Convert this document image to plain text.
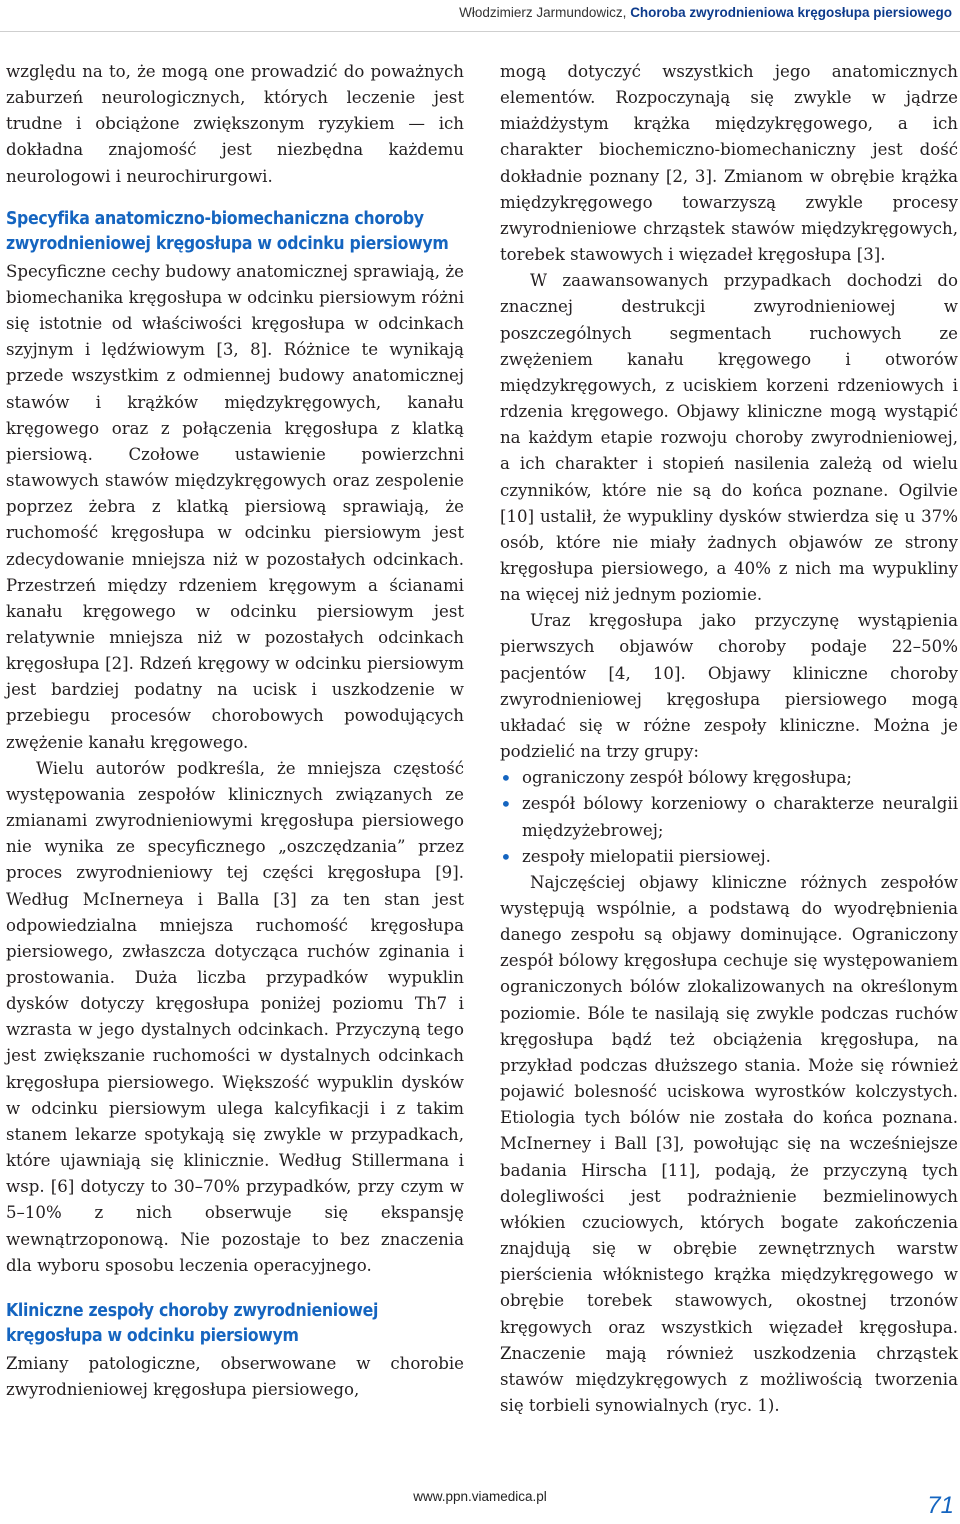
Włodzimierz Jarmundowicz, Choroba zwyrodnieniowa kręgosłupa piersiowego

względu na to, że mogą one prowadzić do poważnych zaburzeń neurologicznych, których leczenie jest trudne i obciążone zwiększonym ryzykiem — ich dokładna znajomość jest niezbędna każdemu neurologowi i neurochirurgowi.

Specyfika anatomiczno-biomechaniczna choroby zwyrodnieniowej kręgosłupa w odcinku piersiowym

Specyficzne cechy budowy anatomicznej sprawiają, że biomechanika kręgosłupa w odcinku piersiowym różni się istotnie od właściwości kręgosłupa w odcinkach szyjnym i lędźwiowym [3, 8]. Różnice te wynikają przede wszystkim z odmiennej budowy anatomicznej stawów i krążków międzykręgowych, kanału kręgowego oraz z połączenia kręgosłupa z klatką piersiową. Czołowe ustawienie powierzchni stawowych stawów międzykręgowych oraz zespolenie poprzez żebra z klatką piersiową sprawiają, że ruchomość kręgosłupa w odcinku piersiowym jest zdecydowanie mniejsza niż w pozostałych odcinkach. Przestrzeń między rdzeniem kręgowym a ścianami kanału kręgowego w odcinku piersiowym jest relatywnie mniejsza niż w pozostałych odcinkach kręgosłupa [2]. Rdzeń kręgowy w odcinku piersiowym jest bardziej podatny na ucisk i uszkodzenie w przebiegu procesów chorobowych powodujących zwężenie kanału kręgowego.

Wielu autorów podkreśla, że mniejsza częstość występowania zespołów klinicznych związanych ze zmianami zwyrodnieniowymi kręgosłupa piersiowego nie wynika ze specyficznego „oszczędzania” przez proces zwyrodnieniowy tej części kręgosłupa [9]. Według McInerneya i Balla [3] za ten stan jest odpowiedzialna mniejsza ruchomość kręgosłupa piersiowego, zwłaszcza dotycząca ruchów zginania i prostowania. Duża liczba przypadków wypuklin dysków dotyczy kręgosłupa poniżej poziomu Th7 i wzrasta w jego dystalnych odcinkach. Przyczyną tego jest zwiększanie ruchomości w dystalnych odcinkach kręgosłupa piersiowego. Większość wypuklin dysków w odcinku piersiowym ulega kalcyfikacji i z takim stanem lekarze spotykają się zwykle w przypadkach, które ujawniają się klinicznie. Według Stillermana i wsp. [6] dotyczy to 30–70% przypadków, przy czym w 5–10% z nich obserwuje się ekspansję wewnątrzoponową. Nie pozostaje to bez znaczenia dla wyboru sposobu leczenia operacyjnego.

Kliniczne zespoły choroby zwyrodnieniowej kręgosłupa w odcinku piersiowym

Zmiany patologiczne, obserwowane w chorobie zwyrodnieniowej kręgosłupa piersiowego,

mogą dotyczyć wszystkich jego anatomicznych elementów. Rozpoczynają się zwykle w jądrze miażdżystym krążka międzykręgowego, a ich charakter biochemiczno-biomechaniczny jest dość dokładnie poznany [2, 3]. Zmianom w obrębie krążka międzykręgowego towarzyszą zwykle procesy zwyrodnieniowe chrząstek stawów międzykręgowych, torebek stawowych i więzadeł kręgosłupa [3].

W zaawansowanych przypadkach dochodzi do znacznej destrukcji zwyrodnieniowej w poszczególnych segmentach ruchowych ze zwężeniem kanału kręgowego i otworów międzykręgowych, z uciskiem korzeni rdzeniowych i rdzenia kręgowego. Objawy kliniczne mogą wystąpić na każdym etapie rozwoju choroby zwyrodnieniowej, a ich charakter i stopień nasilenia zależą od wielu czynników, które nie są do końca poznane. Ogilvie [10] ustalił, że wypukliny dysków stwierdza się u 37% osób, które nie miały żadnych objawów ze strony kręgosłupa piersiowego, a 40% z nich ma wypukliny na więcej niż jednym poziomie.

Uraz kręgosłupa jako przyczynę wystąpienia pierwszych objawów choroby podaje 22–50% pacjentów [4, 10]. Objawy kliniczne choroby zwyrodnieniowej kręgosłupa piersiowego mogą układać się w różne zespoły kliniczne. Można je podzielić na trzy grupy:

• ograniczony zespół bólowy kręgosłupa;
• zespół bólowy korzeniowy o charakterze neuralgii międzyżebrowej;
• zespoły mielopatii piersiowej.

Najczęściej objawy kliniczne różnych zespołów występują wspólnie, a podstawą do wyodrębnienia danego zespołu są objawy dominujące. Ograniczony zespół bólowy kręgosłupa cechuje się występowaniem ograniczonych bólów zlokalizowanych na określonym poziomie. Bóle te nasilają się zwykle podczas ruchów kręgosłupa bądź też obciążenia kręgosłupa, na przykład podczas dłuższego stania. Może się również pojawić bolesność uciskowa wyrostków kolczystych. Etiologia tych bólów nie została do końca poznana. McInerney i Ball [3], powołując się na wcześniejsze badania Hirscha [11], podają, że przyczyną tych dolegliwości jest podrażnienie bezmielinowych włókien czuciowych, których bogate zakończenia znajdują się w obrębie zewnętrznych warstw pierścienia włóknistego krążka międzykręgowego w obrębie torebek stawowych, okostnej trzonów kręgowych oraz wszystkich więzadeł kręgosłupa. Znaczenie mają również uszkodzenia chrząstek stawów międzykręgowych z możliwością tworzenia się torbieli synowialnych (ryc. 1).

www.ppn.viamedica.pl	71
